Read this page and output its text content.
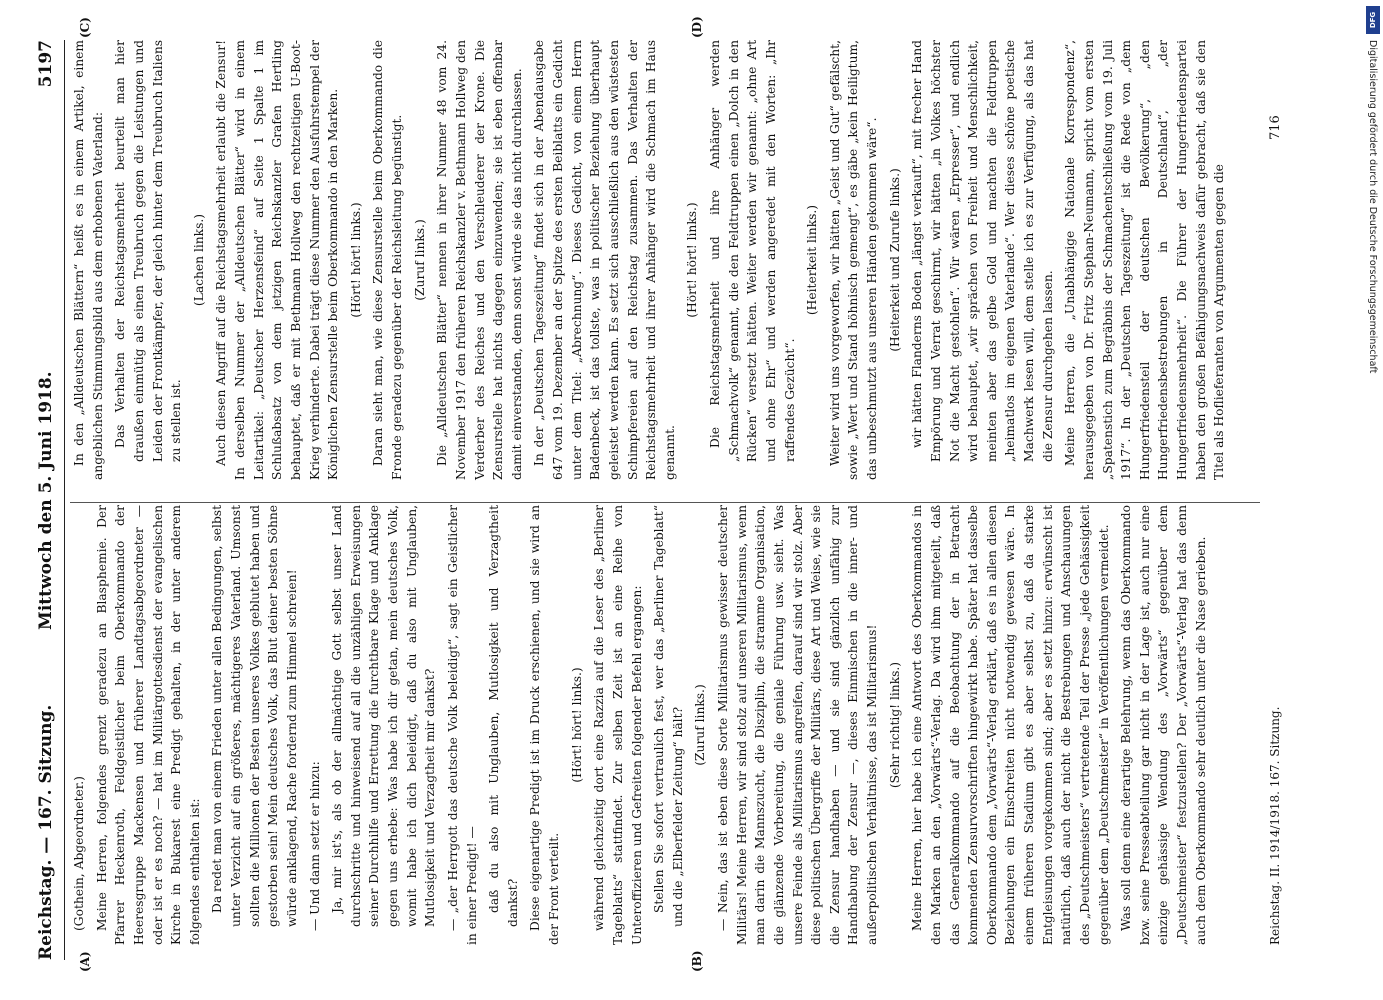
Reichstag. — 167. Sitzung.
Mittwoch den 5. Juni 1918.
5197
(A)	(B)
(C)	(D)

(Gothein, Abgeordneter.) Meine Herren, folgendes grenzt geradezu an Blasphemie. Der Pfarrer Heckenroth, Feldgeistlicher beim Oberkommando der Heeresgruppe Mackensen und früherer Landtagsabgeordneter — oder ist er es noch? — hat im Militärgottesdienst der evangelischen Kirche in Bukarest eine Predigt gehalten, in der unter anderem folgendes enthalten ist: Da redet man von einem Frieden unter allen Bedingungen, selbst unter Verzicht auf ein größeres, mächtigeres Vaterland. Umsonst sollten die Millionen der Besten unseres Volkes geblutet haben und gestorben sein! Mein deutsches Volk, das Blut deiner besten Söhne würde anklagend, Rache fordernd zum Himmel schreien! — Und dann setzt er hinzu: Ja, mir ist's, als ob der allmächtige Gott selbst unser Land durchschritte und hinweisend auf all die unzähligen Erweisungen seiner Durchhilfe und Errettung die furchtbare Klage und Anklage gegen uns erhebe: Was habe ich dir getan, mein deutsches Volk, womit habe ich dich beleidigt, daß du also mit Unglauben, Mutlosigkeit und Verzagtheit mir dankst? — „der Herrgott das deutsche Volk beleidigt“, sagt ein Geistlicher in einer Predigt! — daß du also mit Unglauben, Mutlosigkeit und Verzagtheit dankst? Diese eigenartige Predigt ist im Druck erschienen, und sie wird an der Front verteilt.

(Hört! hört! links.) während gleichzeitig dort eine Razzia auf die Leser des „Berliner Tageblatts“ stattfindet. Zur selben Zeit ist an eine Reihe von Unteroffizieren und Gefreiten folgender Befehl ergangen: Stellen Sie sofort vertraulich fest, wer das „Berliner Tageblatt“ und die „Elberfelder Zeitung“ hält? (Zuruf links.) — Nein, das ist eben diese Sorte Militarismus gewisser deutscher Militärs! Meine Herren, wir sind stolz auf unseren Militarismus, wenn man darin die Mannszucht, die Disziplin, die stramme Organisation, die glänzende Vorbereitung, die geniale Führung usw. sieht. Was unsere Feinde als Militarismus angreifen, darauf sind wir stolz. Aber diese politischen Übergriffe der Militärs, diese Art und Weise, wie sie die Zensur handhaben — und sie sind gänzlich unfähig zur Handhabung der Zensur —, dieses Einmischen in die inner- und außerpolitischen Verhältnisse, das ist Militarismus! (Sehr richtig! links.) Meine Herren, hier habe ich eine Antwort des Oberkommandos in den Marken an den „Vorwärts“-Verlag. Da wird ihm mitgeteilt, daß das Generalkommando auf die Beobachtung der in Betracht kommenden Zensurvorschriften hingewirkt habe. Später hat dasselbe Oberkommando dem „Vorwärts“-Verlag erklärt, daß es in allen diesen Beziehungen ein Einschreiten nicht notwendig gewesen wäre. In einem früheren Stadium gibt es aber selbst zu, daß da starke Entgleisungen vorgekommen sind; aber es setzt hinzu: erwünscht ist natürlich, daß auch der nicht die Bestrebungen und Anschauungen des „Deutschmeisters“ vertretende Teil der Presse „jede Gehässigkeit gegenüber dem „Deutschmeister“ in Veröffentlichungen vermeidet. Was soll denn eine derartige Belehrung, wenn das Oberkommando bzw. seine Presseabteilung gar nicht in der Lage ist, auch nur eine einzige gehässige Wendung des „Vorwärts“ gegenüber dem „Deutschmeister“ festzustellen? Der „Vorwärts“-Verlag hat das denn auch dem Oberkommando sehr deutlich unter die Nase gerieben.

In den „Alldeutschen Blättern“ heißt es in einem Artikel, einem angeblichen Stimmungsbild aus dem erhobenen Vaterland: Das Verhalten der Reichstagsmehrheit beurteilt man hier draußen einmütig als einen Treubruch gegen die Leistungen und Leiden der Frontkämpfer, der gleich hinter dem Treubruch Italiens zu stellen ist.

(Lachen links.) Auch diesen Angriff auf die Reichstagsmehrheit erlaubt die Zensur! In derselben Nummer der „Alldeutschen Blätter“ wird in einem Leitartikel: „Deutscher Herzensfeind“ auf Seite 1 Spalte 1 im Schlußabsatz von dem jetzigen Reichskanzler Grafen Hertling behauptet, daß er mit Bethmann Hollweg den rechtzeitigen U-Boot-Krieg verhinderte. Dabei trägt diese Nummer den Ausfuhrstempel der Königlichen Zensurstelle beim Oberkommando in den Marken. (Hört! hört! links.) Daran sieht man, wie diese Zensurstelle beim Oberkommando die Fronde geradezu gegenüber der Reichsleitung begünstigt. (Zuruf links.) Die „Alldeutschen Blätter“ nennen in ihrer Nummer 48 vom 24. November 1917 den früheren Reichskanzler v. Bethmann Hollweg den Verderber des Reiches und den Verschleuderer der Krone. Die Zensurstelle hat nichts dagegen einzuwenden; sie ist eben offenbar damit einverstanden, denn sonst würde sie das nicht durchlassen. In der „Deutschen Tageszeitung“ findet sich in der Abendausgabe 647 vom 19. Dezember an der Spitze des ersten Beiblatts ein Gedicht unter dem Titel: „Abrechnung“. Dieses Gedicht, von einem Herrn Badenbeck, ist das tollste, was in politischer Beziehung überhaupt geleistet werden kann. Es setzt sich ausschließlich aus den wüstesten Schimpfereien auf den Reichstag zusammen. Das Verhalten der Reichstagsmehrheit und ihrer Anhänger wird die Schmach im Haus genannt.

(Hört! hört! links.) Die Reichstagsmehrheit und ihre Anhänger werden „Schmachvolk“ genannt, die den Feldtruppen einen „Dolch in den Rücken“ versetzt hätten. Weiter werden wir genannt: „ohne Art und ohne Ehr“ und werden angeredet mit den Worten: „Ihr raffendes Gezücht“.

(Heiterkeit links.) Weiter wird uns vorgeworfen, wir hätten „Geist und Gut“ gefälscht, sowie „Wert und Stand höhnisch gemengt“, es gäbe „kein Heiligtum, das unbeschmutzt aus unseren Händen gekommen wäre“. (Heiterkeit und Zurufe links.) wir hätten Flanderns Boden „längst verkauft“, mit frecher Hand Empörung und Verrat geschirmt, wir hätten „in Volkes höchster Not die Macht gestohlen“. Wir wären „Erpresser“, und endlich wird behauptet, „wir sprächen von Freiheit und Menschlichkeit, meinten aber das gelbe Gold und machten die Feldtruppen „heimatlos im eigenen Vaterlande“. Wer dieses schöne poetische Machwerk lesen will, dem stelle ich es zur Verfügung, als das hat die Zensur durchgehen lassen. Meine Herren, die „Unabhängige Nationale Korrespondenz“, herausgegeben von Dr. Fritz Stephan-Neumann, spricht vom ersten „Spatenstich zum Begräbnis der Schmachentschließung vom 19. Juli 1917“. In der „Deutschen Tageszeitung“ ist die Rede von „dem Hungerfriedensteil der deutschen Bevölkerung“, „den Hungerfriedensbestrebungen in Deutschland“, „der Hungerfriedensmehrheit“. Die Führer der Hungerfriedenspartei haben den großen Befähigungsnachweis dafür gebracht, daß sie den Titel als Hoflieferanten von Argumenten gegen die

Reichstag. II. 1914/1918. 167. Sitzung.
716	Digitalisierung gefördert durch die Deutsche Forschungsgemeinschaft
DFG
